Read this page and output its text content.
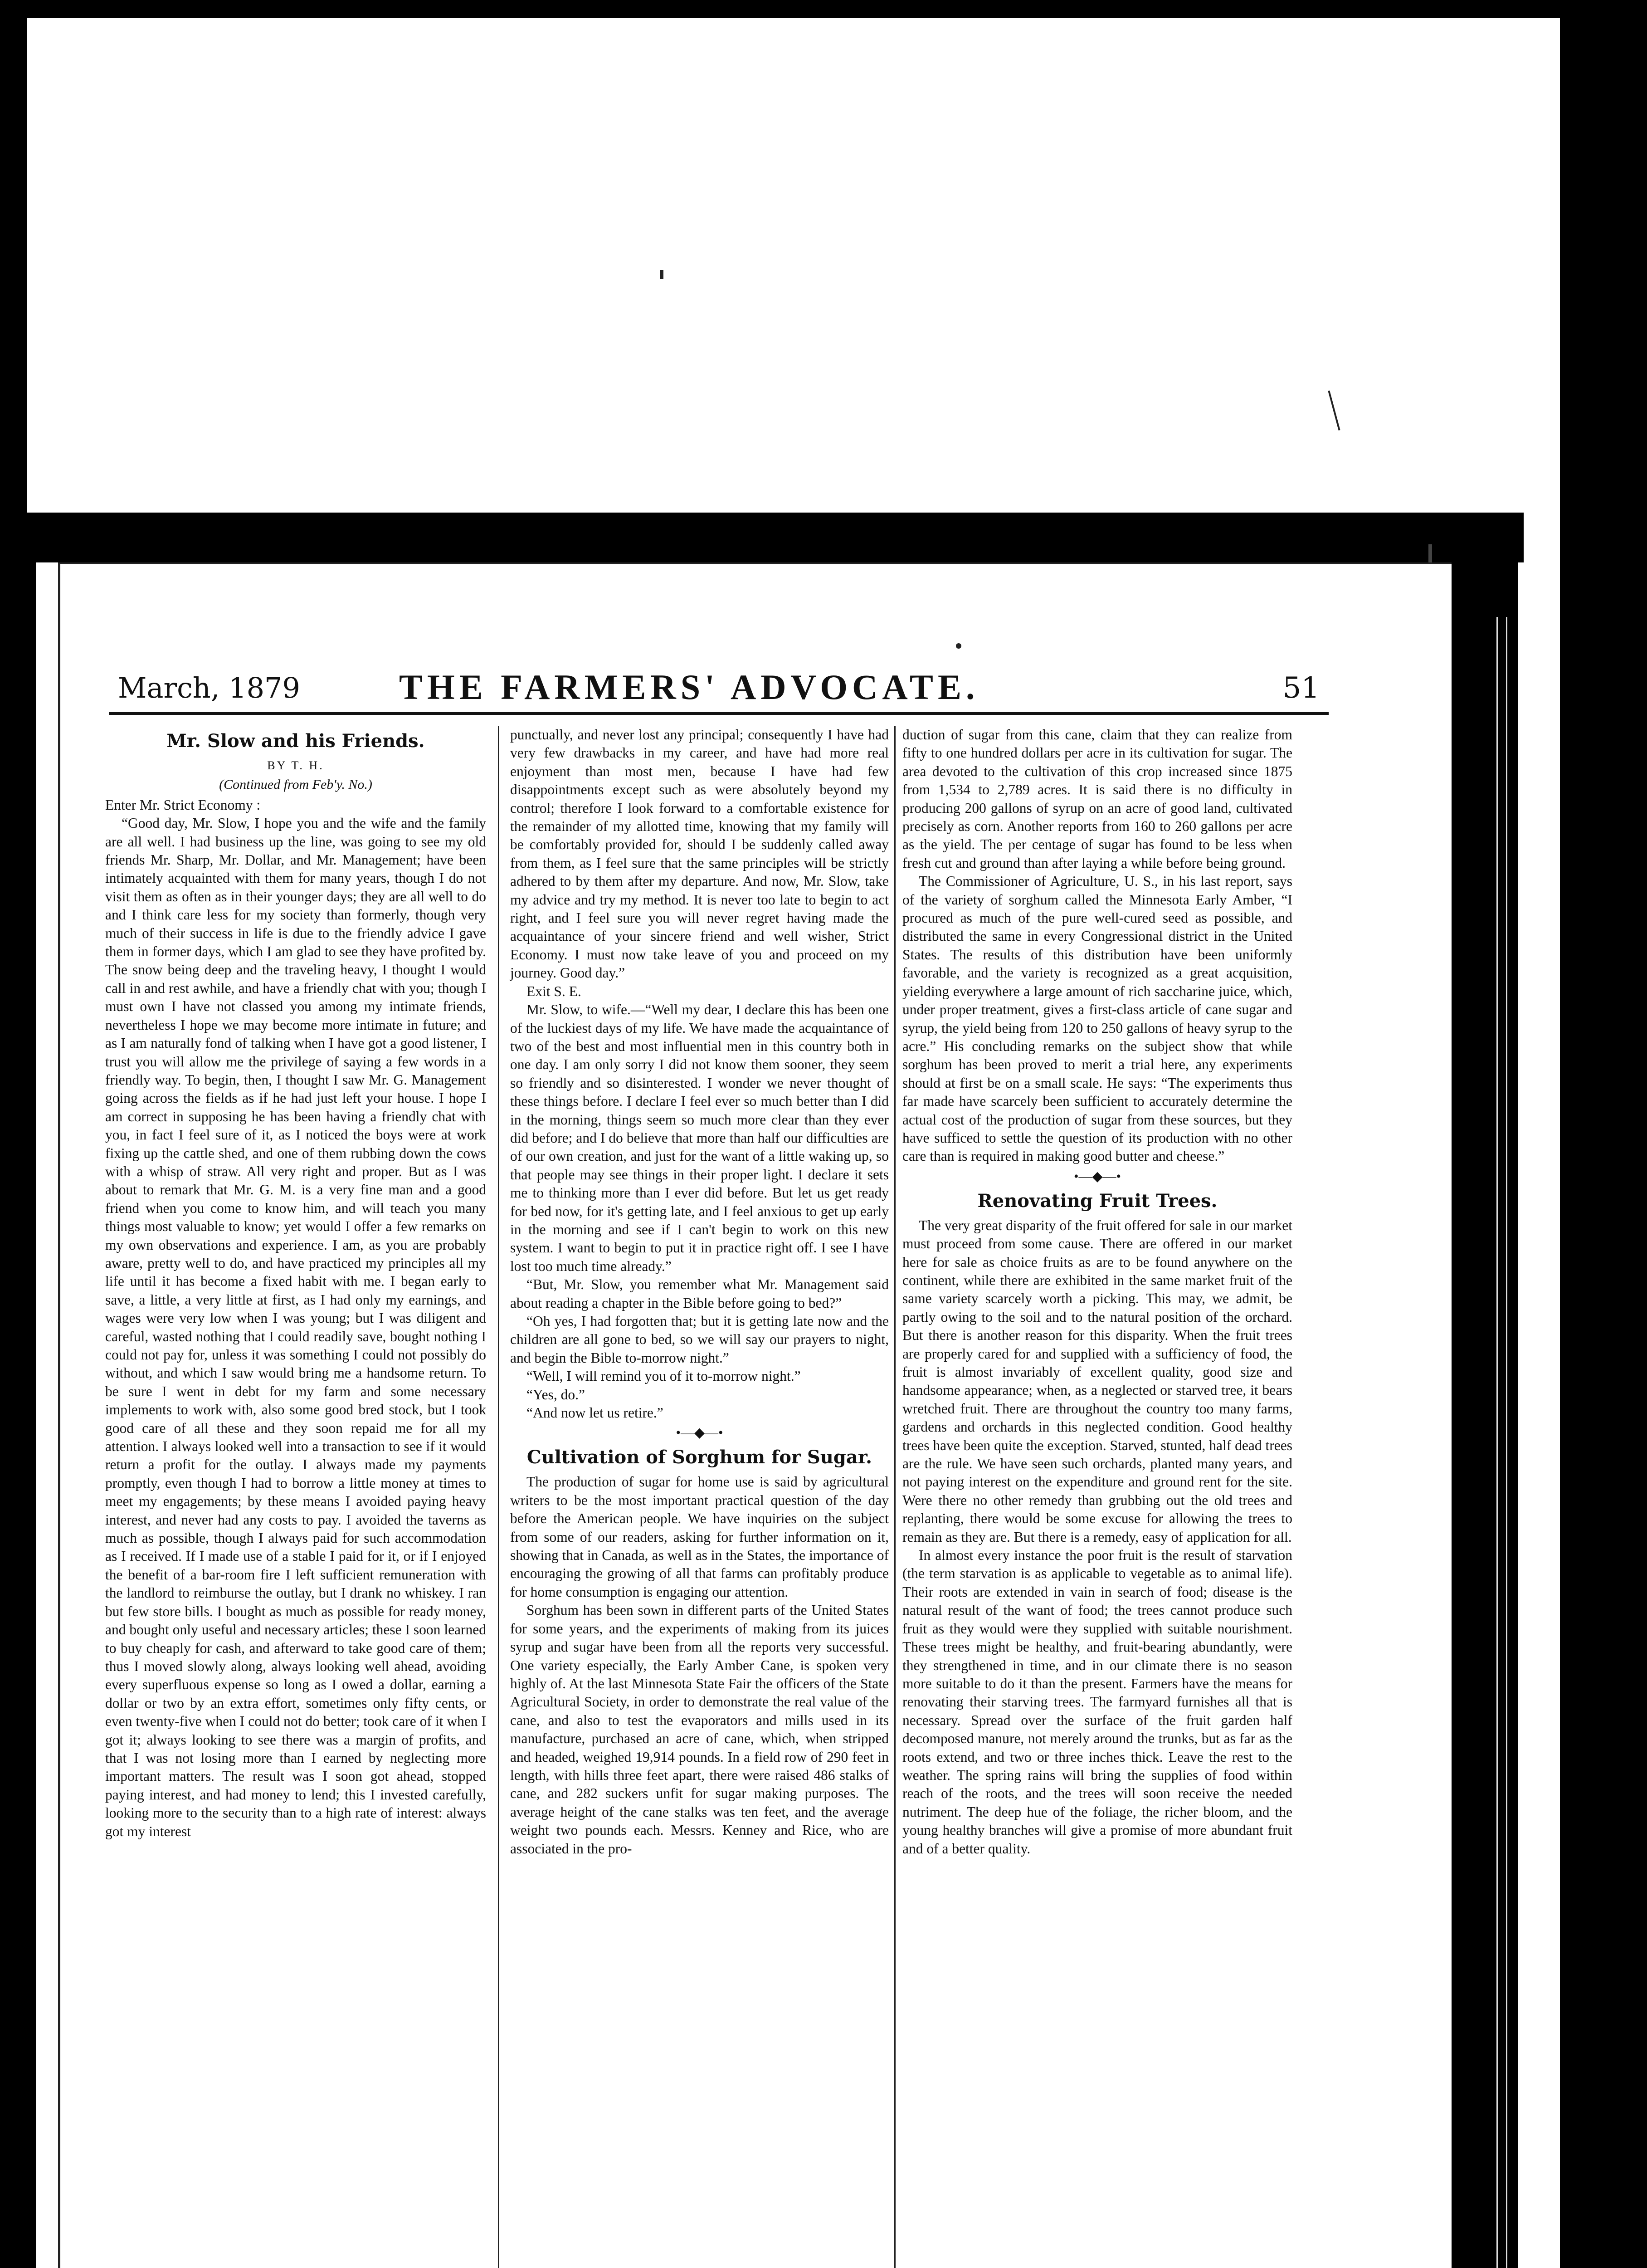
March, 1879	THE FARMERS' ADVOCATE.	51
Mr. Slow and his Friends.
BY T. H.
(Continued from Feb'y. No.)

Enter Mr. Strict Economy :

“Good day, Mr. Slow, I hope you and the wife and the family are all well. I had business up the line, was going to see my old friends Mr. Sharp, Mr. Dollar, and Mr. Management; have been intimately acquainted with them for many years, though I do not visit them as often as in their younger days; they are all well to do and I think care less for my society than formerly, though very much of their success in life is due to the friendly advice I gave them in former days, which I am glad to see they have profited by. The snow being deep and the traveling heavy, I thought I would call in and rest awhile, and have a friendly chat with you; though I must own I have not classed you among my intimate friends, nevertheless I hope we may become more intimate in future; and as I am naturally fond of talking when I have got a good listener, I trust you will allow me the privilege of saying a few words in a friendly way. To begin, then, I thought I saw Mr. G. Management going across the fields as if he had just left your house. I hope I am correct in supposing he has been having a friendly chat with you, in fact I feel sure of it, as I noticed the boys were at work fixing up the cattle shed, and one of them rubbing down the cows with a whisp of straw. All very right and proper. But as I was about to remark that Mr. G. M. is a very fine man and a good friend when you come to know him, and will teach you many things most valuable to know; yet would I offer a few remarks on my own observations and experience. I am, as you are probably aware, pretty well to do, and have practiced my principles all my life until it has become a fixed habit with me. I began early to save, a little, a very little at first, as I had only my earnings, and wages were very low when I was young; but I was diligent and careful, wasted nothing that I could readily save, bought nothing I could not pay for, unless it was something I could not possibly do without, and which I saw would bring me a handsome return. To be sure I went in debt for my farm and some necessary implements to work with, also some good bred stock, but I took good care of all these and they soon repaid me for all my attention. I always looked well into a transaction to see if it would return a profit for the outlay. I always made my payments promptly, even though I had to borrow a little money at times to meet my engagements; by these means I avoided paying heavy interest, and never had any costs to pay. I avoided the taverns as much as possible, though I always paid for such accommodation as I received. If I made use of a stable I paid for it, or if I enjoyed the benefit of a bar-room fire I left sufficient remuneration with the landlord to reimburse the outlay, but I drank no whiskey. I ran but few store bills. I bought as much as possible for ready money, and bought only useful and necessary articles; these I soon learned to buy cheaply for cash, and afterward to take good care of them; thus I moved slowly along, always looking well ahead, avoiding every superfluous expense so long as I owed a dollar, earning a dollar or two by an extra effort, sometimes only fifty cents, or even twenty-five when I could not do better; took care of it when I got it; always looking to see there was a margin of profits, and that I was not losing more than I earned by neglecting more important matters. The result was I soon got ahead, stopped paying interest, and had money to lend; this I invested carefully, looking more to the security than to a high rate of interest: always got my interest

punctually, and never lost any principal; consequently I have had very few drawbacks in my career, and have had more real enjoyment than most men, because I have had few disappointments except such as were absolutely beyond my control; therefore I look forward to a comfortable existence for the remainder of my allotted time, knowing that my family will be comfortably provided for, should I be suddenly called away from them, as I feel sure that the same principles will be strictly adhered to by them after my departure. And now, Mr. Slow, take my advice and try my method. It is never too late to begin to act right, and I feel sure you will never regret having made the acquaintance of your sincere friend and well wisher, Strict Economy. I must now take leave of you and proceed on my journey. Good day.”

Exit S. E.

Mr. Slow, to wife.—“Well my dear, I declare this has been one of the luckiest days of my life. We have made the acquaintance of two of the best and most influential men in this country both in one day. I am only sorry I did not know them sooner, they seem so friendly and so disinterested. I wonder we never thought of these things before. I declare I feel ever so much better than I did in the morning, things seem so much more clear than they ever did before; and I do believe that more than half our difficulties are of our own creation, and just for the want of a little waking up, so that people may see things in their proper light. I declare it sets me to thinking more than I ever did before. But let us get ready for bed now, for it's getting late, and I feel anxious to get up early in the morning and see if I can't begin to work on this new system. I want to begin to put it in practice right off. I see I have lost too much time already.”

“But, Mr. Slow, you remember what Mr. Management said about reading a chapter in the Bible before going to bed?”

“Oh yes, I had forgotten that; but it is getting late now and the children are all gone to bed, so we will say our prayers to night, and begin the Bible to-morrow night.”

“Well, I will remind you of it to-morrow night.”

“Yes, do.”

“And now let us retire.”

•—◆—•
Cultivation of Sorghum for Sugar.

The production of sugar for home use is said by agricultural writers to be the most important practical question of the day before the American people. We have inquiries on the subject from some of our readers, asking for further information on it, showing that in Canada, as well as in the States, the importance of encouraging the growing of all that farms can profitably produce for home consumption is engaging our attention.

Sorghum has been sown in different parts of the United States for some years, and the experiments of making from its juices syrup and sugar have been from all the reports very successful. One variety especially, the Early Amber Cane, is spoken very highly of. At the last Minnesota State Fair the officers of the State Agricultural Society, in order to demonstrate the real value of the cane, and also to test the evaporators and mills used in its manufacture, purchased an acre of cane, which, when stripped and headed, weighed 19,914 pounds. In a field row of 290 feet in length, with hills three feet apart, there were raised 486 stalks of cane, and 282 suckers unfit for sugar making purposes. The average height of the cane stalks was ten feet, and the average weight two pounds each. Messrs. Kenney and Rice, who are associated in the pro-

duction of sugar from this cane, claim that they can realize from fifty to one hundred dollars per acre in its cultivation for sugar. The area devoted to the cultivation of this crop increased since 1875 from 1,534 to 2,789 acres. It is said there is no difficulty in producing 200 gallons of syrup on an acre of good land, cultivated precisely as corn. Another reports from 160 to 260 gallons per acre as the yield. The per centage of sugar has found to be less when fresh cut and ground than after laying a while before being ground.

The Commissioner of Agriculture, U. S., in his last report, says of the variety of sorghum called the Minnesota Early Amber, “I procured as much of the pure well-cured seed as possible, and distributed the same in every Congressional district in the United States. The results of this distribution have been uniformly favorable, and the variety is recognized as a great acquisition, yielding everywhere a large amount of rich saccharine juice, which, under proper treatment, gives a first-class article of cane sugar and syrup, the yield being from 120 to 250 gallons of heavy syrup to the acre.” His concluding remarks on the subject show that while sorghum has been proved to merit a trial here, any experiments should at first be on a small scale. He says: “The experiments thus far made have scarcely been sufficient to accurately determine the actual cost of the production of sugar from these sources, but they have sufficed to settle the question of its production with no other care than is required in making good butter and cheese.”

•—◆—•
Renovating Fruit Trees.

The very great disparity of the fruit offered for sale in our market must proceed from some cause. There are offered in our market here for sale as choice fruits as are to be found anywhere on the continent, while there are exhibited in the same market fruit of the same variety scarcely worth a picking. This may, we admit, be partly owing to the soil and to the natural position of the orchard. But there is another reason for this disparity. When the fruit trees are properly cared for and supplied with a sufficiency of food, the fruit is almost invariably of excellent quality, good size and handsome appearance; when, as a neglected or starved tree, it bears wretched fruit. There are throughout the country too many farms, gardens and orchards in this neglected condition. Good healthy trees have been quite the exception. Starved, stunted, half dead trees are the rule. We have seen such orchards, planted many years, and not paying interest on the expenditure and ground rent for the site. Were there no other remedy than grubbing out the old trees and replanting, there would be some excuse for allowing the trees to remain as they are. But there is a remedy, easy of application for all.

In almost every instance the poor fruit is the result of starvation (the term starvation is as applicable to vegetable as to animal life). Their roots are extended in vain in search of food; disease is the natural result of the want of food; the trees cannot produce such fruit as they would were they supplied with suitable nourishment. These trees might be healthy, and fruit-bearing abundantly, were they strengthened in time, and in our climate there is no season more suitable to do it than the present. Farmers have the means for renovating their starving trees. The farmyard furnishes all that is necessary. Spread over the surface of the fruit garden half decomposed manure, not merely around the trunks, but as far as the roots extend, and two or three inches thick. Leave the rest to the weather. The spring rains will bring the supplies of food within reach of the roots, and the trees will soon receive the needed nutriment. The deep hue of the foliage, the richer bloom, and the young healthy branches will give a promise of more abundant fruit and of a better quality.
